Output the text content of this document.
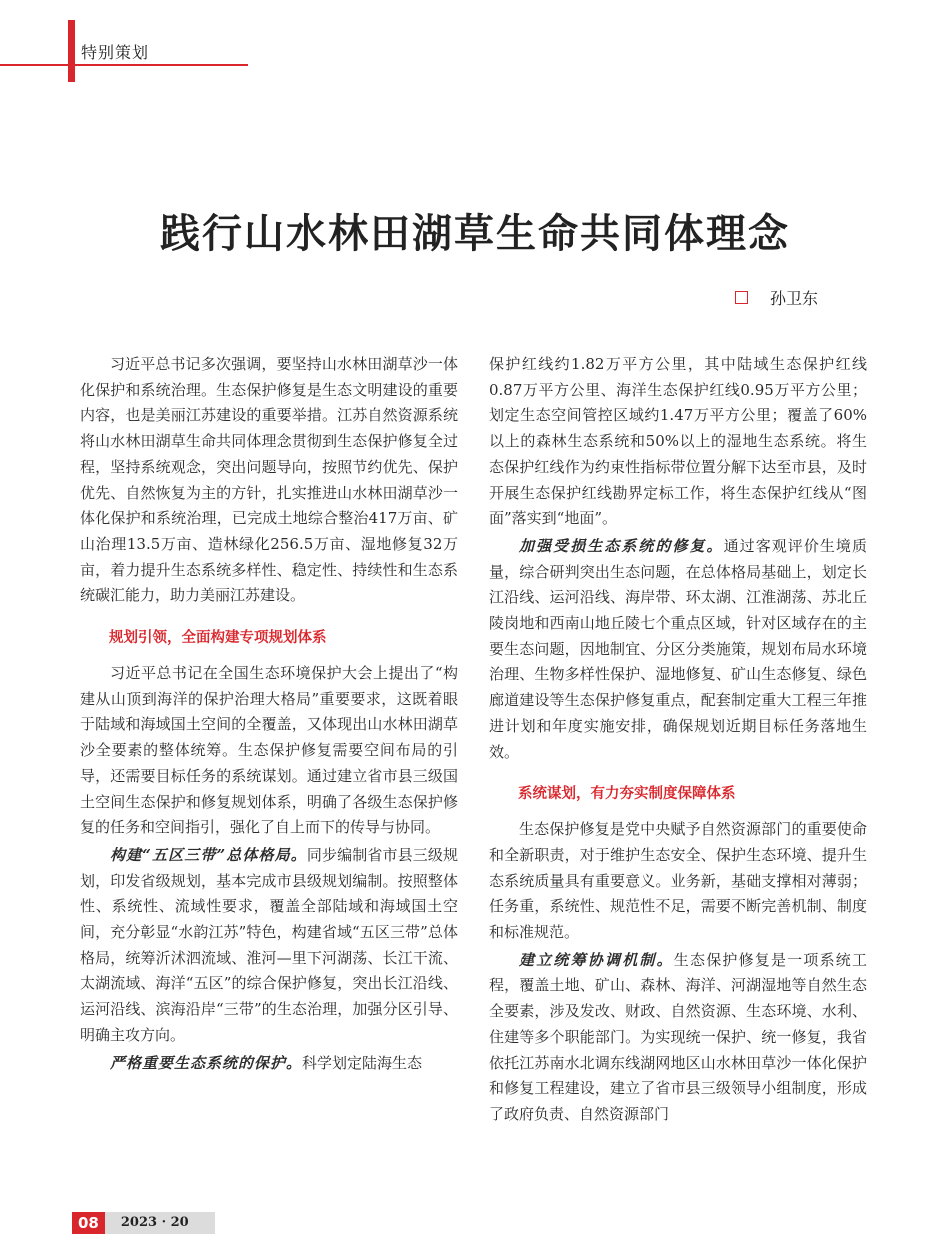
特别策划
践行山水林田湖草生命共同体理念
孙卫东

习近平总书记多次强调，要坚持山水林田湖草沙一体化保护和系统治理。生态保护修复是生态文明建设的重要内容，也是美丽江苏建设的重要举措。江苏自然资源系统将山水林田湖草生命共同体理念贯彻到生态保护修复全过程，坚持系统观念，突出问题导向，按照节约优先、保护优先、自然恢复为主的方针，扎实推进山水林田湖草沙一体化保护和系统治理，已完成土地综合整治417万亩、矿山治理13.5万亩、造林绿化256.5万亩、湿地修复32万亩，着力提升生态系统多样性、稳定性、持续性和生态系统碳汇能力，助力美丽江苏建设。

规划引领，全面构建专项规划体系

习近平总书记在全国生态环境保护大会上提出了“构建从山顶到海洋的保护治理大格局”重要要求，这既着眼于陆域和海域国土空间的全覆盖，又体现出山水林田湖草沙全要素的整体统筹。生态保护修复需要空间布局的引导，还需要目标任务的系统谋划。通过建立省市县三级国土空间生态保护和修复规划体系，明确了各级生态保护修复的任务和空间指引，强化了自上而下的传导与协同。

构建“五区三带”总体格局。同步编制省市县三级规划，印发省级规划，基本完成市县级规划编制。按照整体性、系统性、流域性要求，覆盖全部陆域和海域国土空间，充分彰显“水韵江苏”特色，构建省域“五区三带”总体格局，统筹沂沭泗流域、淮河—里下河湖荡、长江干流、太湖流域、海洋“五区”的综合保护修复，突出长江沿线、运河沿线、滨海沿岸“三带”的生态治理，加强分区引导、明确主攻方向。

严格重要生态系统的保护。科学划定陆海生态

保护红线约1.82万平方公里，其中陆域生态保护红线0.87万平方公里、海洋生态保护红线0.95万平方公里；划定生态空间管控区域约1.47万平方公里；覆盖了60%以上的森林生态系统和50%以上的湿地生态系统。将生态保护红线作为约束性指标带位置分解下达至市县，及时开展生态保护红线勘界定标工作，将生态保护红线从“图面”落实到“地面”。

加强受损生态系统的修复。通过客观评价生境质量，综合研判突出生态问题，在总体格局基础上，划定长江沿线、运河沿线、海岸带、环太湖、江淮湖荡、苏北丘陵岗地和西南山地丘陵七个重点区域，针对区域存在的主要生态问题，因地制宜、分区分类施策，规划布局水环境治理、生物多样性保护、湿地修复、矿山生态修复、绿色廊道建设等生态保护修复重点，配套制定重大工程三年推进计划和年度实施安排，确保规划近期目标任务落地生效。

系统谋划，有力夯实制度保障体系

生态保护修复是党中央赋予自然资源部门的重要使命和全新职责，对于维护生态安全、保护生态环境、提升生态系统质量具有重要意义。业务新，基础支撑相对薄弱；任务重，系统性、规范性不足，需要不断完善机制、制度和标准规范。

建立统筹协调机制。生态保护修复是一项系统工程，覆盖土地、矿山、森林、海洋、河湖湿地等自然生态全要素，涉及发改、财政、自然资源、生态环境、水利、住建等多个职能部门。为实现统一保护、统一修复，我省依托江苏南水北调东线湖网地区山水林田草沙一体化保护和修复工程建设，建立了省市县三级领导小组制度，形成了政府负责、自然资源部门

08	2023 · 20
